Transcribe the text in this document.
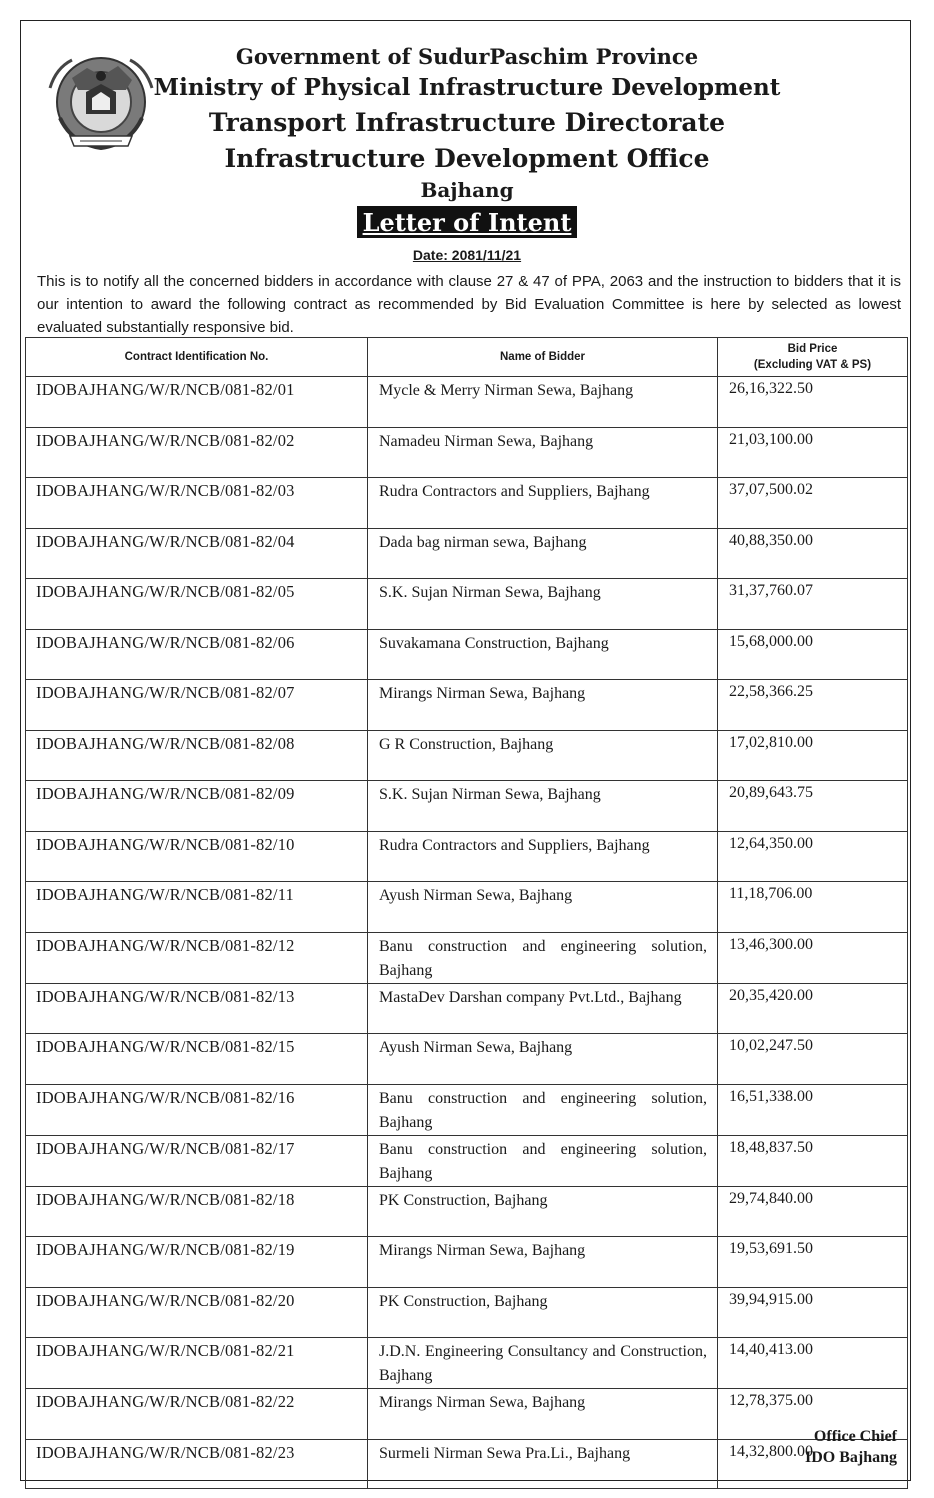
Government of SudurPaschim Province
Ministry of Physical Infrastructure Development
Transport Infrastructure Directorate
Infrastructure Development Office
Bajhang
Letter of Intent
Date: 2081/11/21
This is to notify all the concerned bidders in accordance with clause 27 & 47 of PPA, 2063 and the instruction to bidders that it is our intention to award the following contract as recommended by Bid Evaluation Committee is here by selected as lowest evaluated substantially responsive bid.
Contract Identification No.	Name of Bidder	Bid Price
(Excluding VAT & PS)

IDOBAJHANG/W/R/NCB/081-82/01	Mycle & Merry Nirman Sewa, Bajhang	26,16,322.50
IDOBAJHANG/W/R/NCB/081-82/02	Namadeu Nirman Sewa, Bajhang	21,03,100.00
IDOBAJHANG/W/R/NCB/081-82/03	Rudra Contractors and Suppliers, Bajhang	37,07,500.02
IDOBAJHANG/W/R/NCB/081-82/04	Dada bag nirman sewa, Bajhang	40,88,350.00
IDOBAJHANG/W/R/NCB/081-82/05	S.K. Sujan Nirman Sewa, Bajhang	31,37,760.07
IDOBAJHANG/W/R/NCB/081-82/06	Suvakamana Construction, Bajhang	15,68,000.00
IDOBAJHANG/W/R/NCB/081-82/07	Mirangs Nirman Sewa, Bajhang	22,58,366.25
IDOBAJHANG/W/R/NCB/081-82/08	G R Construction, Bajhang	17,02,810.00
IDOBAJHANG/W/R/NCB/081-82/09	S.K. Sujan Nirman Sewa, Bajhang	20,89,643.75
IDOBAJHANG/W/R/NCB/081-82/10	Rudra Contractors and Suppliers, Bajhang	12,64,350.00
IDOBAJHANG/W/R/NCB/081-82/11	Ayush Nirman Sewa, Bajhang	11,18,706.00
IDOBAJHANG/W/R/NCB/081-82/12	Banu construction and engineering solution, Bajhang	13,46,300.00
IDOBAJHANG/W/R/NCB/081-82/13	MastaDev Darshan company Pvt.Ltd., Bajhang	20,35,420.00
IDOBAJHANG/W/R/NCB/081-82/15	Ayush Nirman Sewa, Bajhang	10,02,247.50
IDOBAJHANG/W/R/NCB/081-82/16	Banu construction and engineering solution, Bajhang	16,51,338.00
IDOBAJHANG/W/R/NCB/081-82/17	Banu construction and engineering solution, Bajhang	18,48,837.50
IDOBAJHANG/W/R/NCB/081-82/18	PK Construction, Bajhang	29,74,840.00
IDOBAJHANG/W/R/NCB/081-82/19	Mirangs Nirman Sewa, Bajhang	19,53,691.50
IDOBAJHANG/W/R/NCB/081-82/20	PK Construction, Bajhang	39,94,915.00
IDOBAJHANG/W/R/NCB/081-82/21	J.D.N. Engineering Consultancy and Construction, Bajhang	14,40,413.00
IDOBAJHANG/W/R/NCB/081-82/22	Mirangs Nirman Sewa, Bajhang	12,78,375.00
IDOBAJHANG/W/R/NCB/081-82/23	Surmeli Nirman Sewa Pra.Li., Bajhang	14,32,800.00
Office Chief
IDO Bajhang
